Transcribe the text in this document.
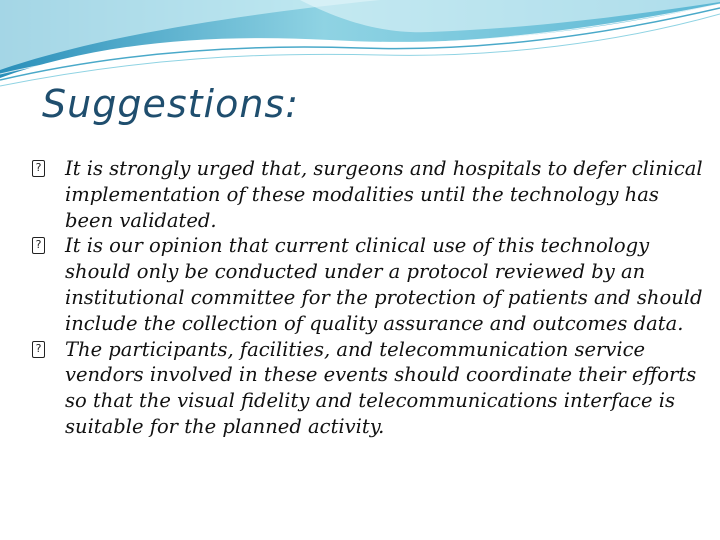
Suggestions:
? It is strongly urged that, surgeons and hospitals to defer clinical implementation of these modalities until the technology has been validated.
? It is our opinion that current clinical use of this technology should only be conducted under a protocol reviewed by an institutional committee for the protection of patients and should include the collection of quality assurance and outcomes data.
? The participants, facilities, and telecommunication service vendors involved in these events should coordinate their efforts so that the visual fidelity and telecommunications interface is suitable for the planned activity.
